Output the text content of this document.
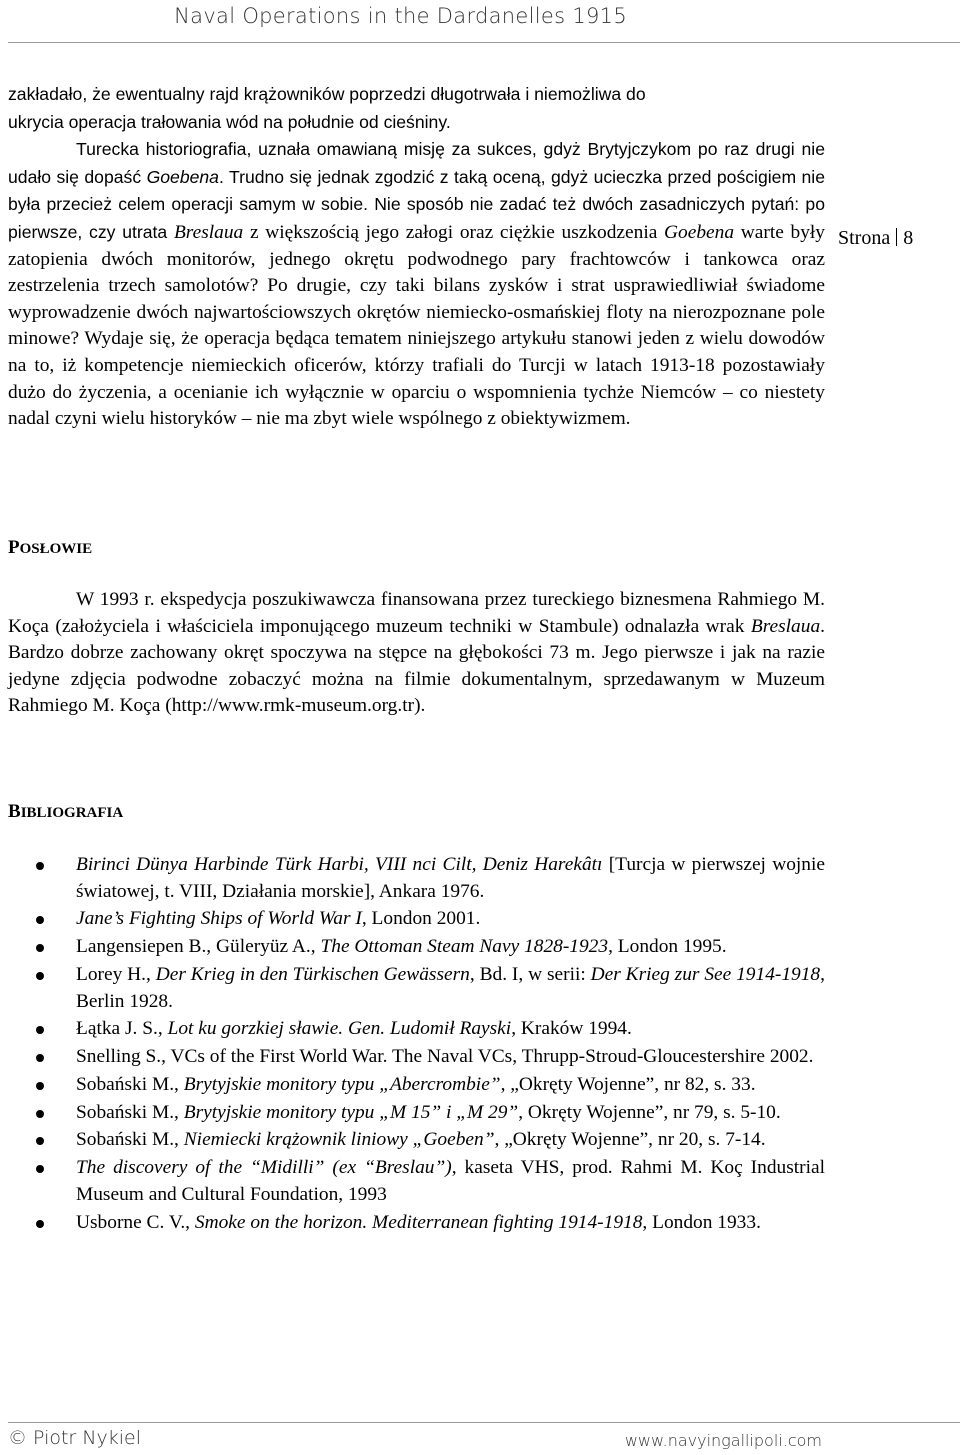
Naval Operations in the Dardanelles 1915
Strona 8

zakładało, że ewentualny rajd krążowników poprzedzi długotrwała i niemożliwa do
ukrycia operacja trałowania wód na południe od cieśniny.

Turecka historiografia, uznała omawianą misję za sukces, gdyż Brytyjczykom po raz drugi nie udało się dopaść Goebena. Trudno się jednak zgodzić z taką oceną, gdyż ucieczka przed pościgiem nie była przecież celem operacji samym w sobie. Nie sposób nie zadać też dwóch zasadniczych pytań: po pierwsze, czy utrata Breslaua z większością jego załogi oraz ciężkie uszkodzenia Goebena warte były zatopienia dwóch monitorów, jednego okrętu podwodnego pary frachtowców i tankowca oraz zestrzelenia trzech samolotów? Po drugie, czy taki bilans zysków i strat usprawiedliwiał świadome wyprowadzenie dwóch najwartościowszych okrętów niemiecko-osmańskiej floty na nierozpoznane pole minowe? Wydaje się, że operacja będąca tematem niniejszego artykułu stanowi jeden z wielu dowodów na to, iż kompetencje niemieckich oficerów, którzy trafiali do Turcji w latach 1913-18 pozostawiały dużo do życzenia, a ocenianie ich wyłącznie w oparciu o wspomnienia tychże Niemców – co niestety nadal czyni wielu historyków – nie ma zbyt wiele wspólnego z obiektywizmem.

POSŁOWIE
W 1993 r. ekspedycja poszukiwawcza finansowana przez tureckiego biznesmena Rahmiego M. Koça (założyciela i właściciela imponującego muzeum techniki w Stambule) odnalazła wrak Breslaua. Bardzo dobrze zachowany okręt spoczywa na stępce na głębokości 73 m. Jego pierwsze i jak na razie jedyne zdjęcia podwodne zobaczyć można na filmie dokumentalnym, sprzedawanym w Muzeum Rahmiego M. Koça (http://www.rmk-museum.org.tr).
BIBLIOGRAFIA
Birinci Dünya Harbinde Türk Harbi, VIII nci Cilt, Deniz Harekâtı [Turcja w pierwszej wojnie światowej, t. VIII, Działania morskie], Ankara 1976.
Jane’s Fighting Ships of World War I, London 2001.
Langensiepen B., Güleryüz A., The Ottoman Steam Navy 1828-1923, London 1995.
Lorey H., Der Krieg in den Türkischen Gewässern, Bd. I, w serii: Der Krieg zur See 1914-1918, Berlin 1928.
Łątka J. S., Lot ku gorzkiej sławie. Gen. Ludomił Rayski, Kraków 1994.
Snelling S., VCs of the First World War. The Naval VCs, Thrupp-Stroud-Gloucestershire 2002.
Sobański M., Brytyjskie monitory typu „Abercrombie”, „Okręty Wojenne”, nr 82, s. 33.
Sobański M., Brytyjskie monitory typu „M 15” i „M 29”, Okręty Wojenne”, nr 79, s. 5-10.
Sobański M., Niemiecki krążownik liniowy „Goeben”, „Okręty Wojenne”, nr 20, s. 7-14.
The discovery of the “Midilli” (ex “Breslau”), kaseta VHS, prod. Rahmi M. Koç Industrial Museum and Cultural Foundation, 1993
Usborne C. V., Smoke on the horizon. Mediterranean fighting 1914-1918, London 1933.
© Piotr Nykiel	www.navyingallipoli.com
